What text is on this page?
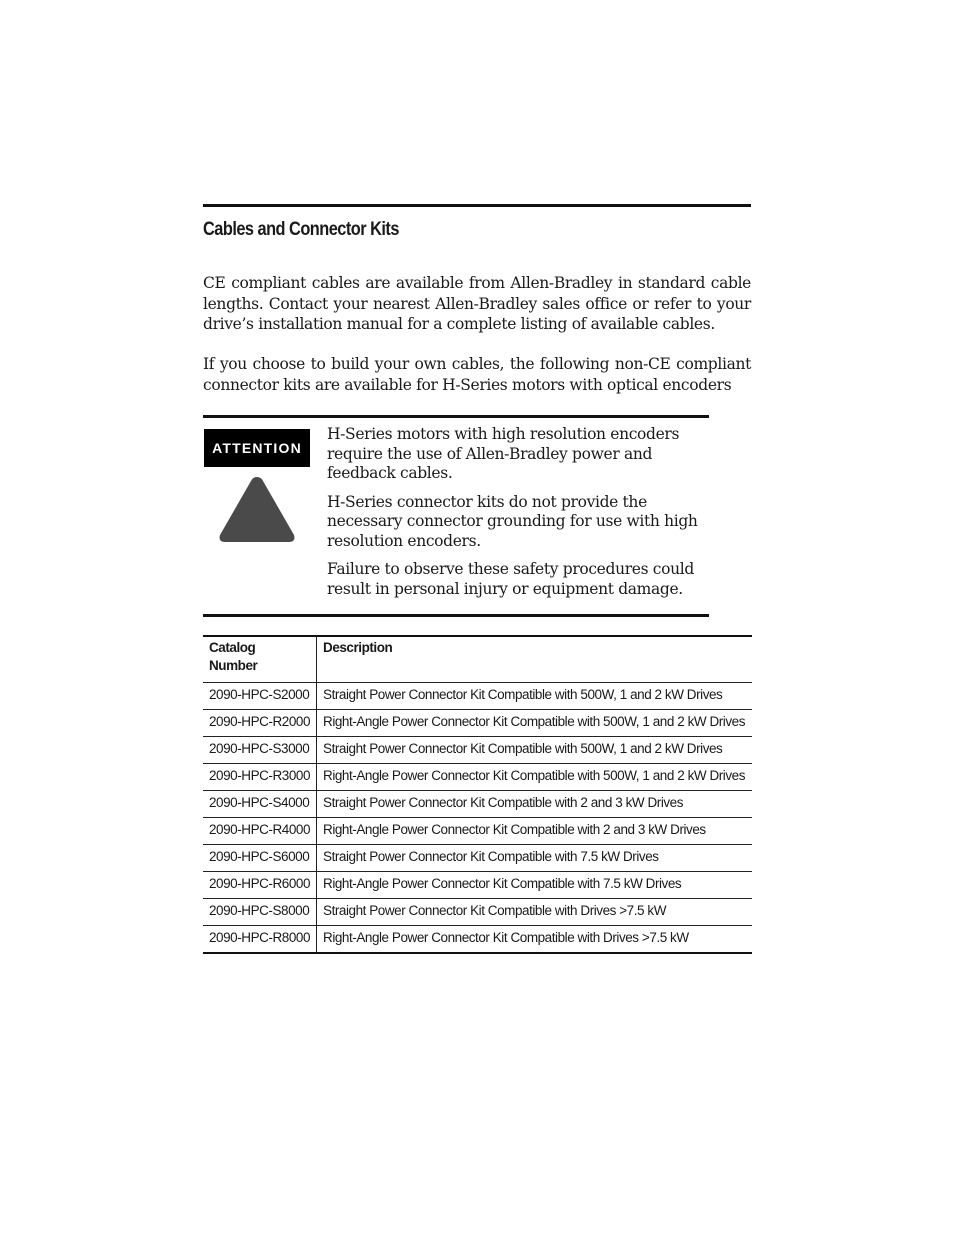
Cables and Connector Kits

CE compliant cables are available from Allen-Bradley in standard cable lengths. Contact your nearest Allen-Bradley sales office or refer to your drive’s installation manual for a complete listing of available cables.

If you choose to build your own cables, the following non-CE compliant connector kits are available for H-Series motors with optical encoders

ATTENTION

H-Series motors with high resolution encoders require the use of Allen-Bradley power and feedback cables.

H-Series connector kits do not provide the necessary connector grounding for use with high resolution encoders.

Failure to observe these safety procedures could result in personal injury or equipment damage.

Catalog Number	Description
2090-HPC-S2000	Straight Power Connector Kit Compatible with 500W, 1 and 2 kW Drives
2090-HPC-R2000	Right-Angle Power Connector Kit Compatible with 500W, 1 and 2 kW Drives
2090-HPC-S3000	Straight Power Connector Kit Compatible with 500W, 1 and 2 kW Drives
2090-HPC-R3000	Right-Angle Power Connector Kit Compatible with 500W, 1 and 2 kW Drives
2090-HPC-S4000	Straight Power Connector Kit Compatible with 2 and 3 kW Drives
2090-HPC-R4000	Right-Angle Power Connector Kit Compatible with 2 and 3 kW Drives
2090-HPC-S6000	Straight Power Connector Kit Compatible with 7.5 kW Drives
2090-HPC-R6000	Right-Angle Power Connector Kit Compatible with 7.5 kW Drives
2090-HPC-S8000	Straight Power Connector Kit Compatible with Drives >7.5 kW
2090-HPC-R8000	Right-Angle Power Connector Kit Compatible with Drives >7.5 kW
